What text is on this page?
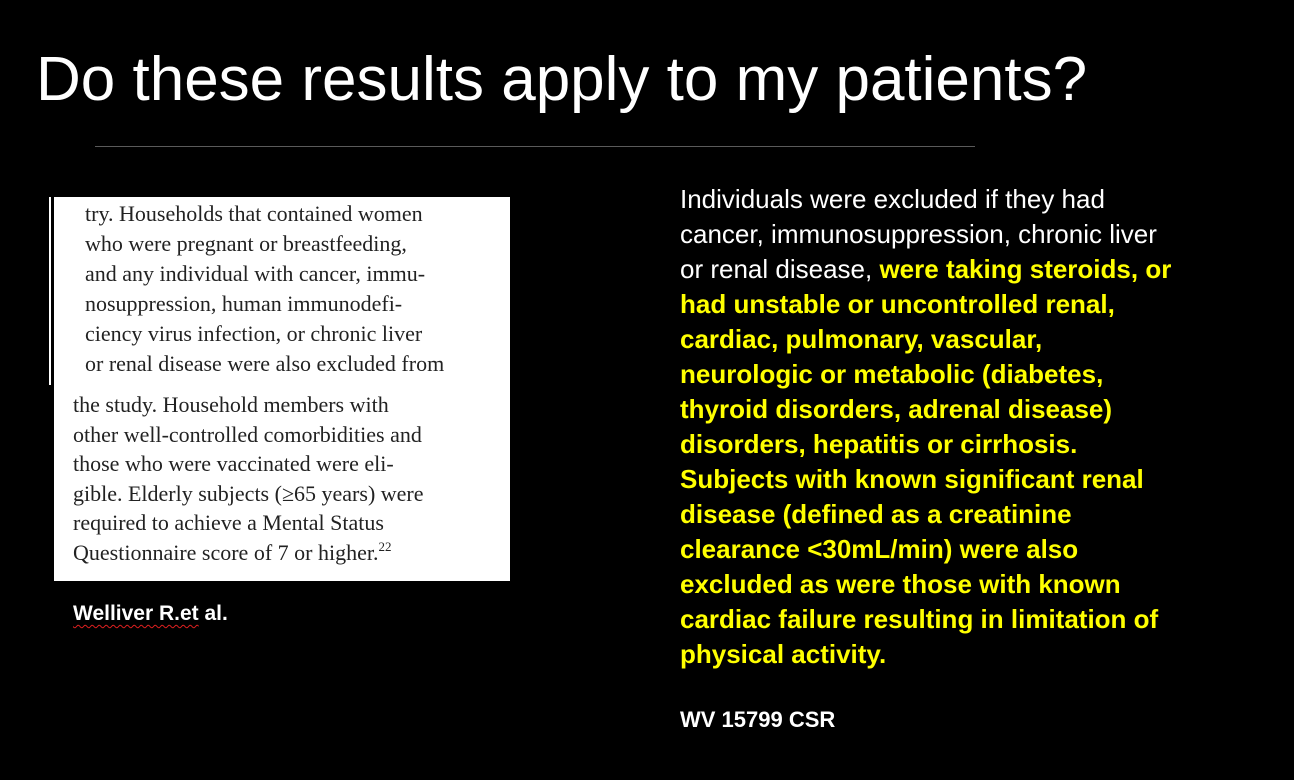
Do these results apply to my patients?
try. Households that contained women
who were pregnant or breastfeeding,
and any individual with cancer, immu-
nosuppression, human immunodefi-
ciency virus infection, or chronic liver
or renal disease were also excluded from
the study. Household members with
other well-controlled comorbidities and
those who were vaccinated were eli-
gible. Elderly subjects (≥65 years) were
required to achieve a Mental Status
Questionnaire score of 7 or higher.$^{22}$
Welliver R.et al.
Individuals were excluded if they had
cancer, immunosuppression, chronic liver
or renal disease, were taking steroids, or
had unstable or uncontrolled renal,
cardiac, pulmonary, vascular,
neurologic or metabolic (diabetes,
thyroid disorders, adrenal disease)
disorders, hepatitis or cirrhosis.
Subjects with known significant renal
disease (defined as a creatinine
clearance <30mL/min) were also
excluded as were those with known
cardiac failure resulting in limitation of
physical activity.
WV 15799 CSR
